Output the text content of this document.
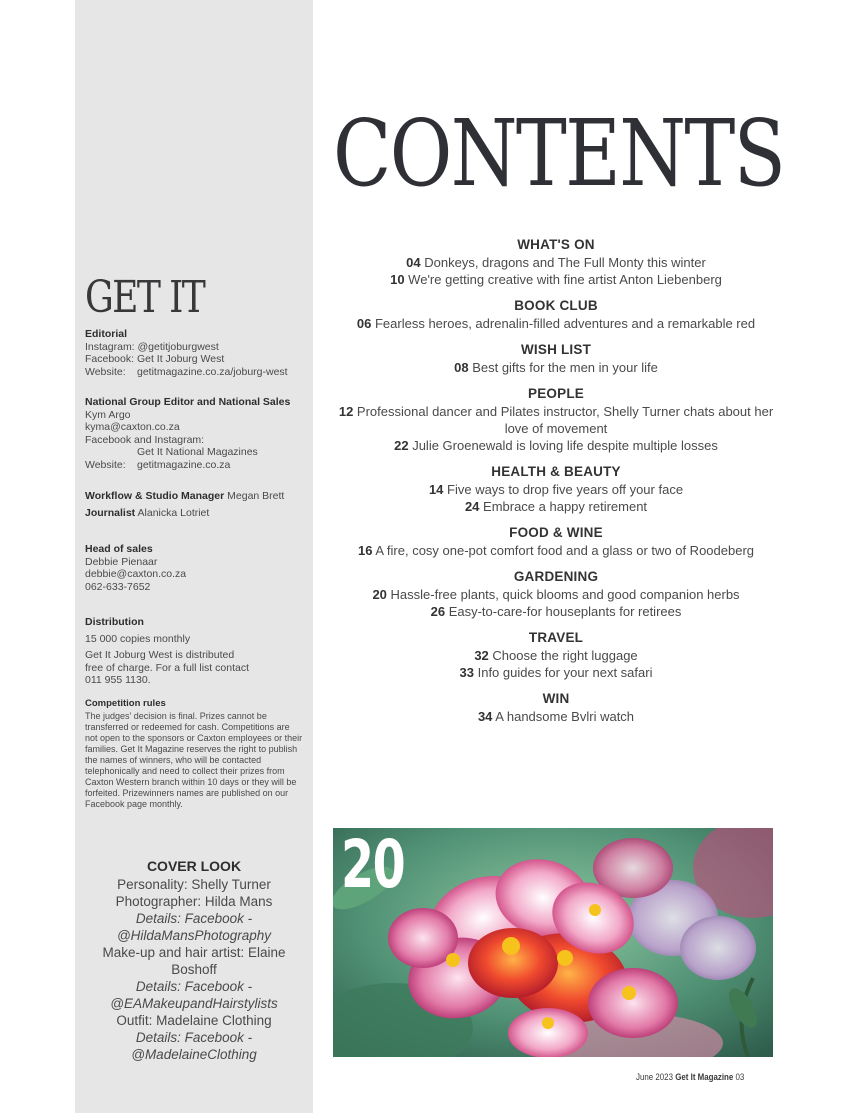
GET IT
Editorial
Instagram: @getitjoburgwest
Facebook: Get It Joburg West
Website: getitmagazine.co.za/joburg-west
National Group Editor and National Sales
Kym Argo
kyma@caxton.co.za
Facebook and Instagram:
Get It National Magazines
Website: getitmagazine.co.za
Workflow & Studio Manager Megan Brett
Journalist Alanicka Lotriet
Head of sales
Debbie Pienaar
debbie@caxton.co.za
062-633-7652
Distribution
15 000 copies monthly
Get It Joburg West is distributed
free of charge. For a full list contact
011 955 1130.
Competition rules
The judges' decision is final. Prizes cannot be transferred or redeemed for cash. Competitions are not open to the sponsors or Caxton employees or their families. Get It Magazine reserves the right to publish the names of winners, who will be contacted telephonically and need to collect their prizes from Caxton Western branch within 10 days or they will be forfeited. Prizewinners names are published on our Facebook page monthly.
COVER LOOK
Personality: Shelly Turner
Photographer: Hilda Mans
Details: Facebook -
@HildaMansPhotography
Make-up and hair artist: Elaine
Boshoff
Details: Facebook -
@EAMakeupandHairstylists
Outfit: Madelaine Clothing
Details: Facebook -
@MadelaineClothing
CONTENTS
WHAT'S ON
04 Donkeys, dragons and The Full Monty this winter
10 We're getting creative with fine artist Anton Liebenberg
BOOK CLUB
06 Fearless heroes, adrenalin-filled adventures and a remarkable red
WISH LIST
08 Best gifts for the men in your life
PEOPLE
12 Professional dancer and Pilates instructor, Shelly Turner chats about her love of movement
22 Julie Groenewald is loving life despite multiple losses
HEALTH & BEAUTY
14 Five ways to drop five years off your face
24 Embrace a happy retirement
FOOD & WINE
16 A fire, cosy one-pot comfort food and a glass or two of Roodeberg
GARDENING
20 Hassle-free plants, quick blooms and good companion herbs
26 Easy-to-care-for houseplants for retirees
TRAVEL
32 Choose the right luggage
33 Info guides for your next safari
WIN
34 A handsome Bvlri watch
20
June 2023 Get It Magazine 03
